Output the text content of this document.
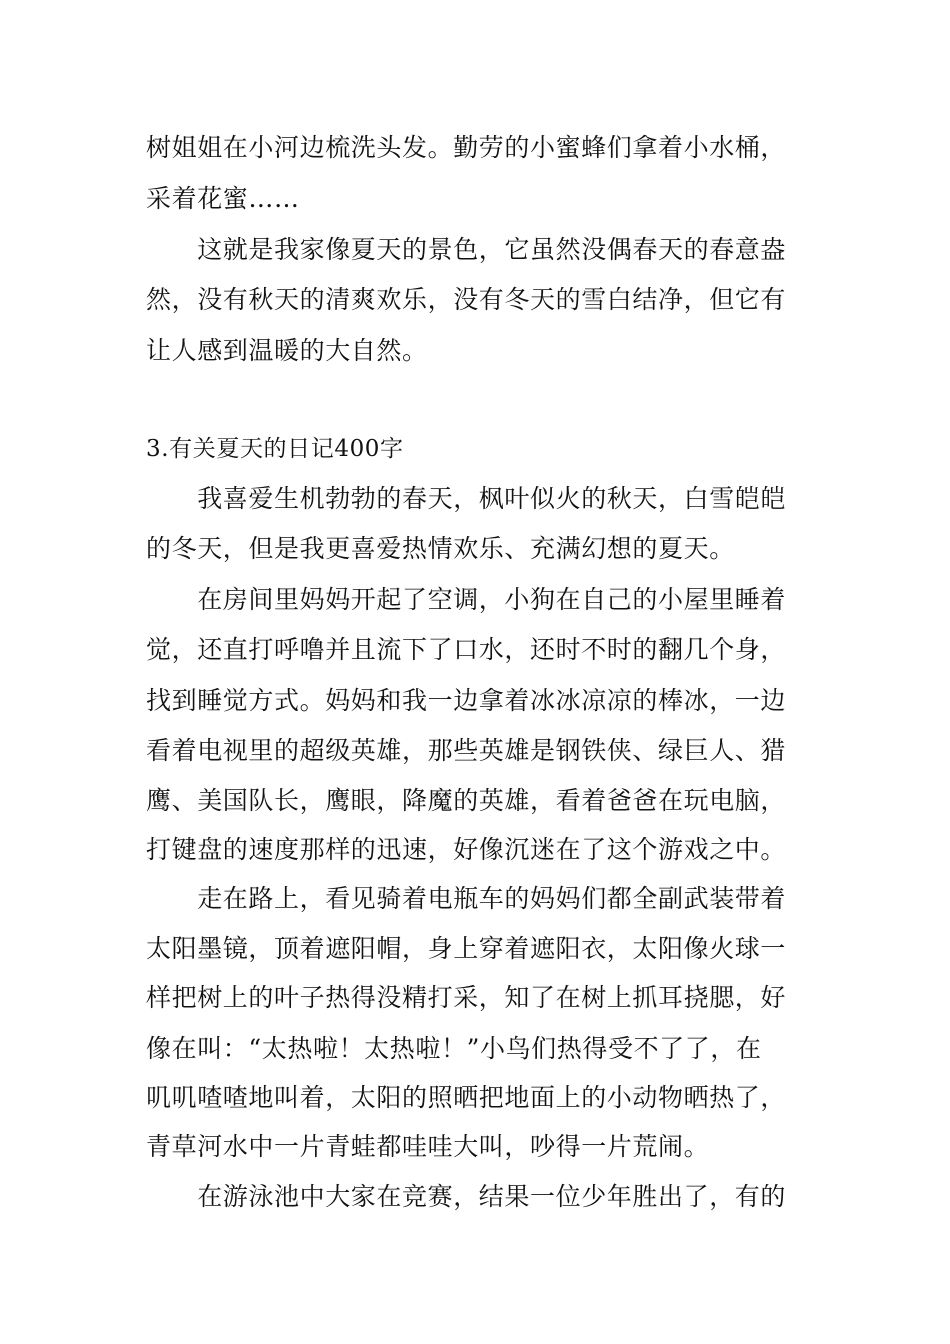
树姐姐在小河边梳洗头发。勤劳的小蜜蜂们拿着小水桶，
采着花蜜……
　　这就是我家像夏天的景色，它虽然没偶春天的春意盎
然，没有秋天的清爽欢乐，没有冬天的雪白结净，但它有
让人感到温暖的大自然。
3.有关夏天的日记400字
　　我喜爱生机勃勃的春天，枫叶似火的秋天，白雪皑皑
的冬天，但是我更喜爱热情欢乐、充满幻想的夏天。
　　在房间里妈妈开起了空调，小狗在自己的小屋里睡着
觉，还直打呼噜并且流下了口水，还时不时的翻几个身，
找到睡觉方式。妈妈和我一边拿着冰冰凉凉的棒冰，一边
看着电视里的超级英雄，那些英雄是钢铁侠、绿巨人、猎
鹰、美国队长，鹰眼，降魔的英雄，看着爸爸在玩电脑，
打键盘的速度那样的迅速，好像沉迷在了这个游戏之中。
　　走在路上，看见骑着电瓶车的妈妈们都全副武装带着
太阳墨镜，顶着遮阳帽，身上穿着遮阳衣，太阳像火球一
样把树上的叶子热得没精打采，知了在树上抓耳挠腮，好
像在叫：“太热啦！太热啦！”小鸟们热得受不了了，在
叽叽喳喳地叫着，太阳的照晒把地面上的小动物晒热了，
青草河水中一片青蛙都哇哇大叫，吵得一片荒闹。
　　在游泳池中大家在竞赛，结果一位少年胜出了，有的
